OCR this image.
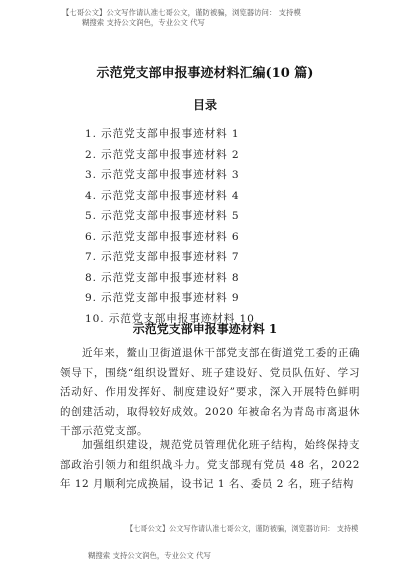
【七哥公文】公文写作请认准七哥公文，谨防被骗，浏览器访问： 支持模
糊搜索 支持公文润色，专业公文 代写
示范党支部申报事迹材料汇编(10 篇)
目录
1. 示范党支部申报事迹材料 1
2. 示范党支部申报事迹材料 2
3. 示范党支部申报事迹材料 3
4. 示范党支部申报事迹材料 4
5. 示范党支部申报事迹材料 5
6. 示范党支部申报事迹材料 6
7. 示范党支部申报事迹材料 7
8. 示范党支部申报事迹材料 8
9. 示范党支部申报事迹材料 9
10. 示范党支部申报事迹材料 10
示范党支部申报事迹材料 1

近年来，鳌山卫街道退休干部党支部在街道党工委的正确领导下，围绕“组织设置好、班子建设好、党员队伍好、学习活动好、作用发挥好、制度建设好”要求，深入开展特色鲜明的创建活动，取得较好成效。2020 年被命名为青岛市离退休干部示范党支部。

加强组织建设，规范党员管理优化班子结构，始终保持支部政治引领力和组织战斗力。党支部现有党员 48 名，2022 年 12 月顺利完成换届，设书记 1 名、委员 2 名，班子结构

【七哥公文】公文写作请认准七哥公文，谨防被骗，浏览器访问： 支持模
糊搜索 支持公文润色，专业公文 代写
